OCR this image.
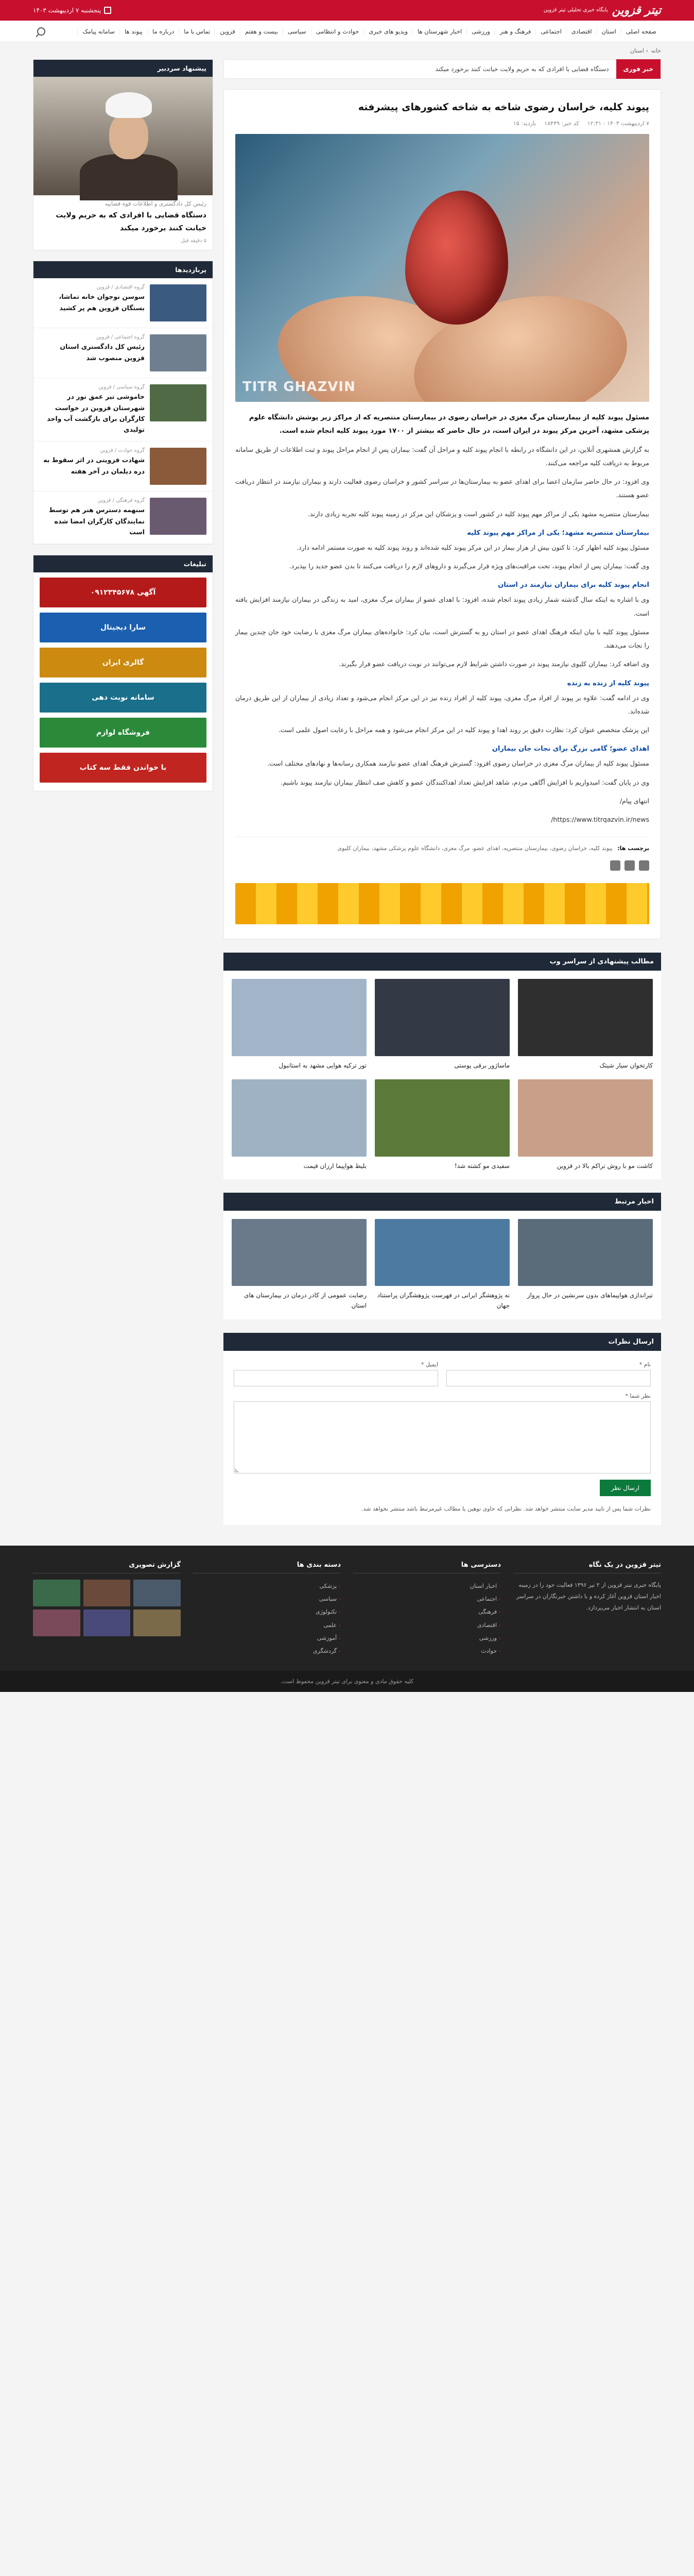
تیتر قزوین
پایگاه خبری تحلیلی تیتر قزوین
پنجشنبه ۷ اردیبهشت ۱۴۰۳
صفحه اصلی
استان
اقتصادی
اجتماعی
فرهنگ و هنر
ورزشی
اخبار شهرستان ها
ویدیو های خبری
حوادث و انتظامی
سیاسی
بیست و هفتم
قزوین
تماس با ما
درباره ما
پیوند ها
سامانه پیامک
خانه› استان
خبر فوری
دستگاه قضایی با افرادی که به حریم ولایت خیانت کنند برخورد میکند
پیوند کلیه، خراسان رضوی شاخه به شاخه کشورهای پیشرفته
۷ اردیبهشت ۱۴۰۳ - ۱۲:۳۱
کد خبر: ۱۸۴۴۹
بازدید: ۱۵
TITR GHAZVIN

مسئول پیوند کلیه از بیمارستان مرگ مغزی در خراسان رضوی در بیمارستان منتصریه که از مراکز زیر پوشش دانشگاه علوم پزشکی مشهد، آخرین مرکز پیوند در ایران است، در حال حاضر که بیشتر از ۱۷۰۰ مورد پیوند کلیه انجام شده است.

به گزارش همشهری آنلاین، در این دانشگاه در رابطه با انجام پیوند کلیه و مراحل آن گفت: بیماران پس از انجام مراحل پیوند و ثبت اطلاعات از طریق سامانه مربوط به دریافت کلیه مراجعه می‌کنند.

وی افزود: در حال حاضر سازمان اعضا برای اهدای عضو به بیمارستان‌ها در سراسر کشور و خراسان رضوی فعالیت دارند و بیماران نیازمند در انتظار دریافت عضو هستند.

بیمارستان منتصریه مشهد یکی از مراکز مهم پیوند کلیه در کشور است و پزشکان این مرکز در زمینه پیوند کلیه تجربه زیادی دارند.

بیمارستان منتصریه مشهد؛ یکی از مراکز مهم پیوند کلیه

مسئول پیوند کلیه اظهار کرد: تا کنون بیش از هزار بیمار در این مرکز پیوند کلیه شده‌اند و روند پیوند کلیه به صورت مستمر ادامه دارد.

وی گفت: بیماران پس از انجام پیوند، تحت مراقبت‌های ویژه قرار می‌گیرند و داروهای لازم را دریافت می‌کنند تا بدن عضو جدید را بپذیرد.

انجام پیوند کلیه برای بیماران نیازمند در استان

وی با اشاره به اینکه سال گذشته شمار زیادی پیوند انجام شده، افزود: با اهدای عضو از بیماران مرگ مغزی، امید به زندگی در بیماران نیازمند افزایش یافته است.

مسئول پیوند کلیه با بیان اینکه فرهنگ اهدای عضو در استان رو به گسترش است، بیان کرد: خانواده‌های بیماران مرگ مغزی با رضایت خود جان چندین بیمار را نجات می‌دهند.

وی اضافه کرد: بیماران کلیوی نیازمند پیوند در صورت داشتن شرایط لازم می‌توانند در نوبت دریافت عضو قرار بگیرند.

پیوند کلیه از زنده به زنده

وی در ادامه گفت: علاوه بر پیوند از افراد مرگ مغزی، پیوند کلیه از افراد زنده نیز در این مرکز انجام می‌شود و تعداد زیادی از بیماران از این طریق درمان شده‌اند.

این پزشک متخصص عنوان کرد: نظارت دقیق بر روند اهدا و پیوند کلیه در این مرکز انجام می‌شود و همه مراحل با رعایت اصول علمی است.

اهدای عضو؛ گامی بزرگ برای نجات جان بیماران

مسئول پیوند کلیه از بیماران مرگ مغزی در خراسان رضوی افزود: گسترش فرهنگ اهدای عضو نیازمند همکاری رسانه‌ها و نهادهای مختلف است.

وی در پایان گفت: امیدواریم با افزایش آگاهی مردم، شاهد افزایش تعداد اهداکنندگان عضو و کاهش صف انتظار بیماران نیازمند پیوند باشیم.

انتهای پیام/

https://www.titrqazvin.ir/news/

برچسب ها: پیوند کلیه، خراسان رضوی، بیمارستان منتصریه، اهدای عضو، مرگ مغزی، دانشگاه علوم پزشکی مشهد، بیماران کلیوی
مطالب پیشنهادی از سراسر وب
کارتخوان سیار شیتک
ماساژور برقی پوستی
تور ترکیه هوایی مشهد به استانبول
کاشت مو با روش تراکم بالا در قزوین
سفیدی مو کشته شد!
بلیط هواپیما ارزان قیمت
اخبار مرتبط
تیراندازی هواپیماهای بدون سرنشین در حال پرواز
نه پژوهشگر ایرانی در فهرست پژوهشگران پراستناد جهان
رضایت عمومی از کادر درمان در بیمارستان های استان
ارسال نظرات
نام *
ایمیل *
نظر شما *
ارسال نظر

نظرات شما پس از تایید مدیر سایت منتشر خواهد شد. نظراتی که حاوی توهین یا مطالب غیرمرتبط باشد منتشر نخواهد شد.

پیشنهاد سردبیر
رئیس کل دادگستری و اطلاعات قوه قضاییه
دستگاه قضایی با افرادی که به حریم ولایت خیانت کنند برخورد میکند
۵ دقیقه قبل
پربازدیدها
گروه اقتصادی / قزوین
سوسن نوجوان خانه تماشا، بستگان قزوین هم پر کشید
گروه اجتماعی / قزوین
رئیس کل دادگستری استان قزوین منصوب شد
گروه سیاسی / قزوین
خاموشی تیر عمق نور در شهرستان قزوین در خواست کارگران برای بازگشت آب واحد تولیدی
گروه حوادث / قزوین
شهادت قزوینی در اثر سقوط به دره دیلمان در آخر هفته
گروه فرهنگی / قزوین
سنهمه دسترس هنر هم توسط نمایندگان کارگران امضا شده است
تبلیغات
آگهی ۰۹۱۲۳۴۵۶۷۸
سارا دیجیتال
گالری ایران
سامانه نوبت دهی
فروشگاه لوازم
با خواندن فقط سه کتاب
تیتر قزوین در یک نگاه

پایگاه خبری تیتر قزوین از ۲ تیر ۱۳۹۶ فعالیت خود را در زمینه اخبار استان قزوین آغاز کرده و با داشتن خبرنگاران در سراسر استان به انتشار اخبار می‌پردازد.

دسترسی ها
‹ اخبار استان
‹ اجتماعی
‹ فرهنگی
‹ اقتصادی
‹ ورزشی
‹ حوادث
دسته بندی ها
‹ پزشکی
‹ سیاسی
‹ تکنولوژی
‹ علمی
‹ آموزشی
‹ گردشگری
گزارش تصویری
کلیه حقوق مادی و معنوی برای تیتر قزوین محفوظ است.
